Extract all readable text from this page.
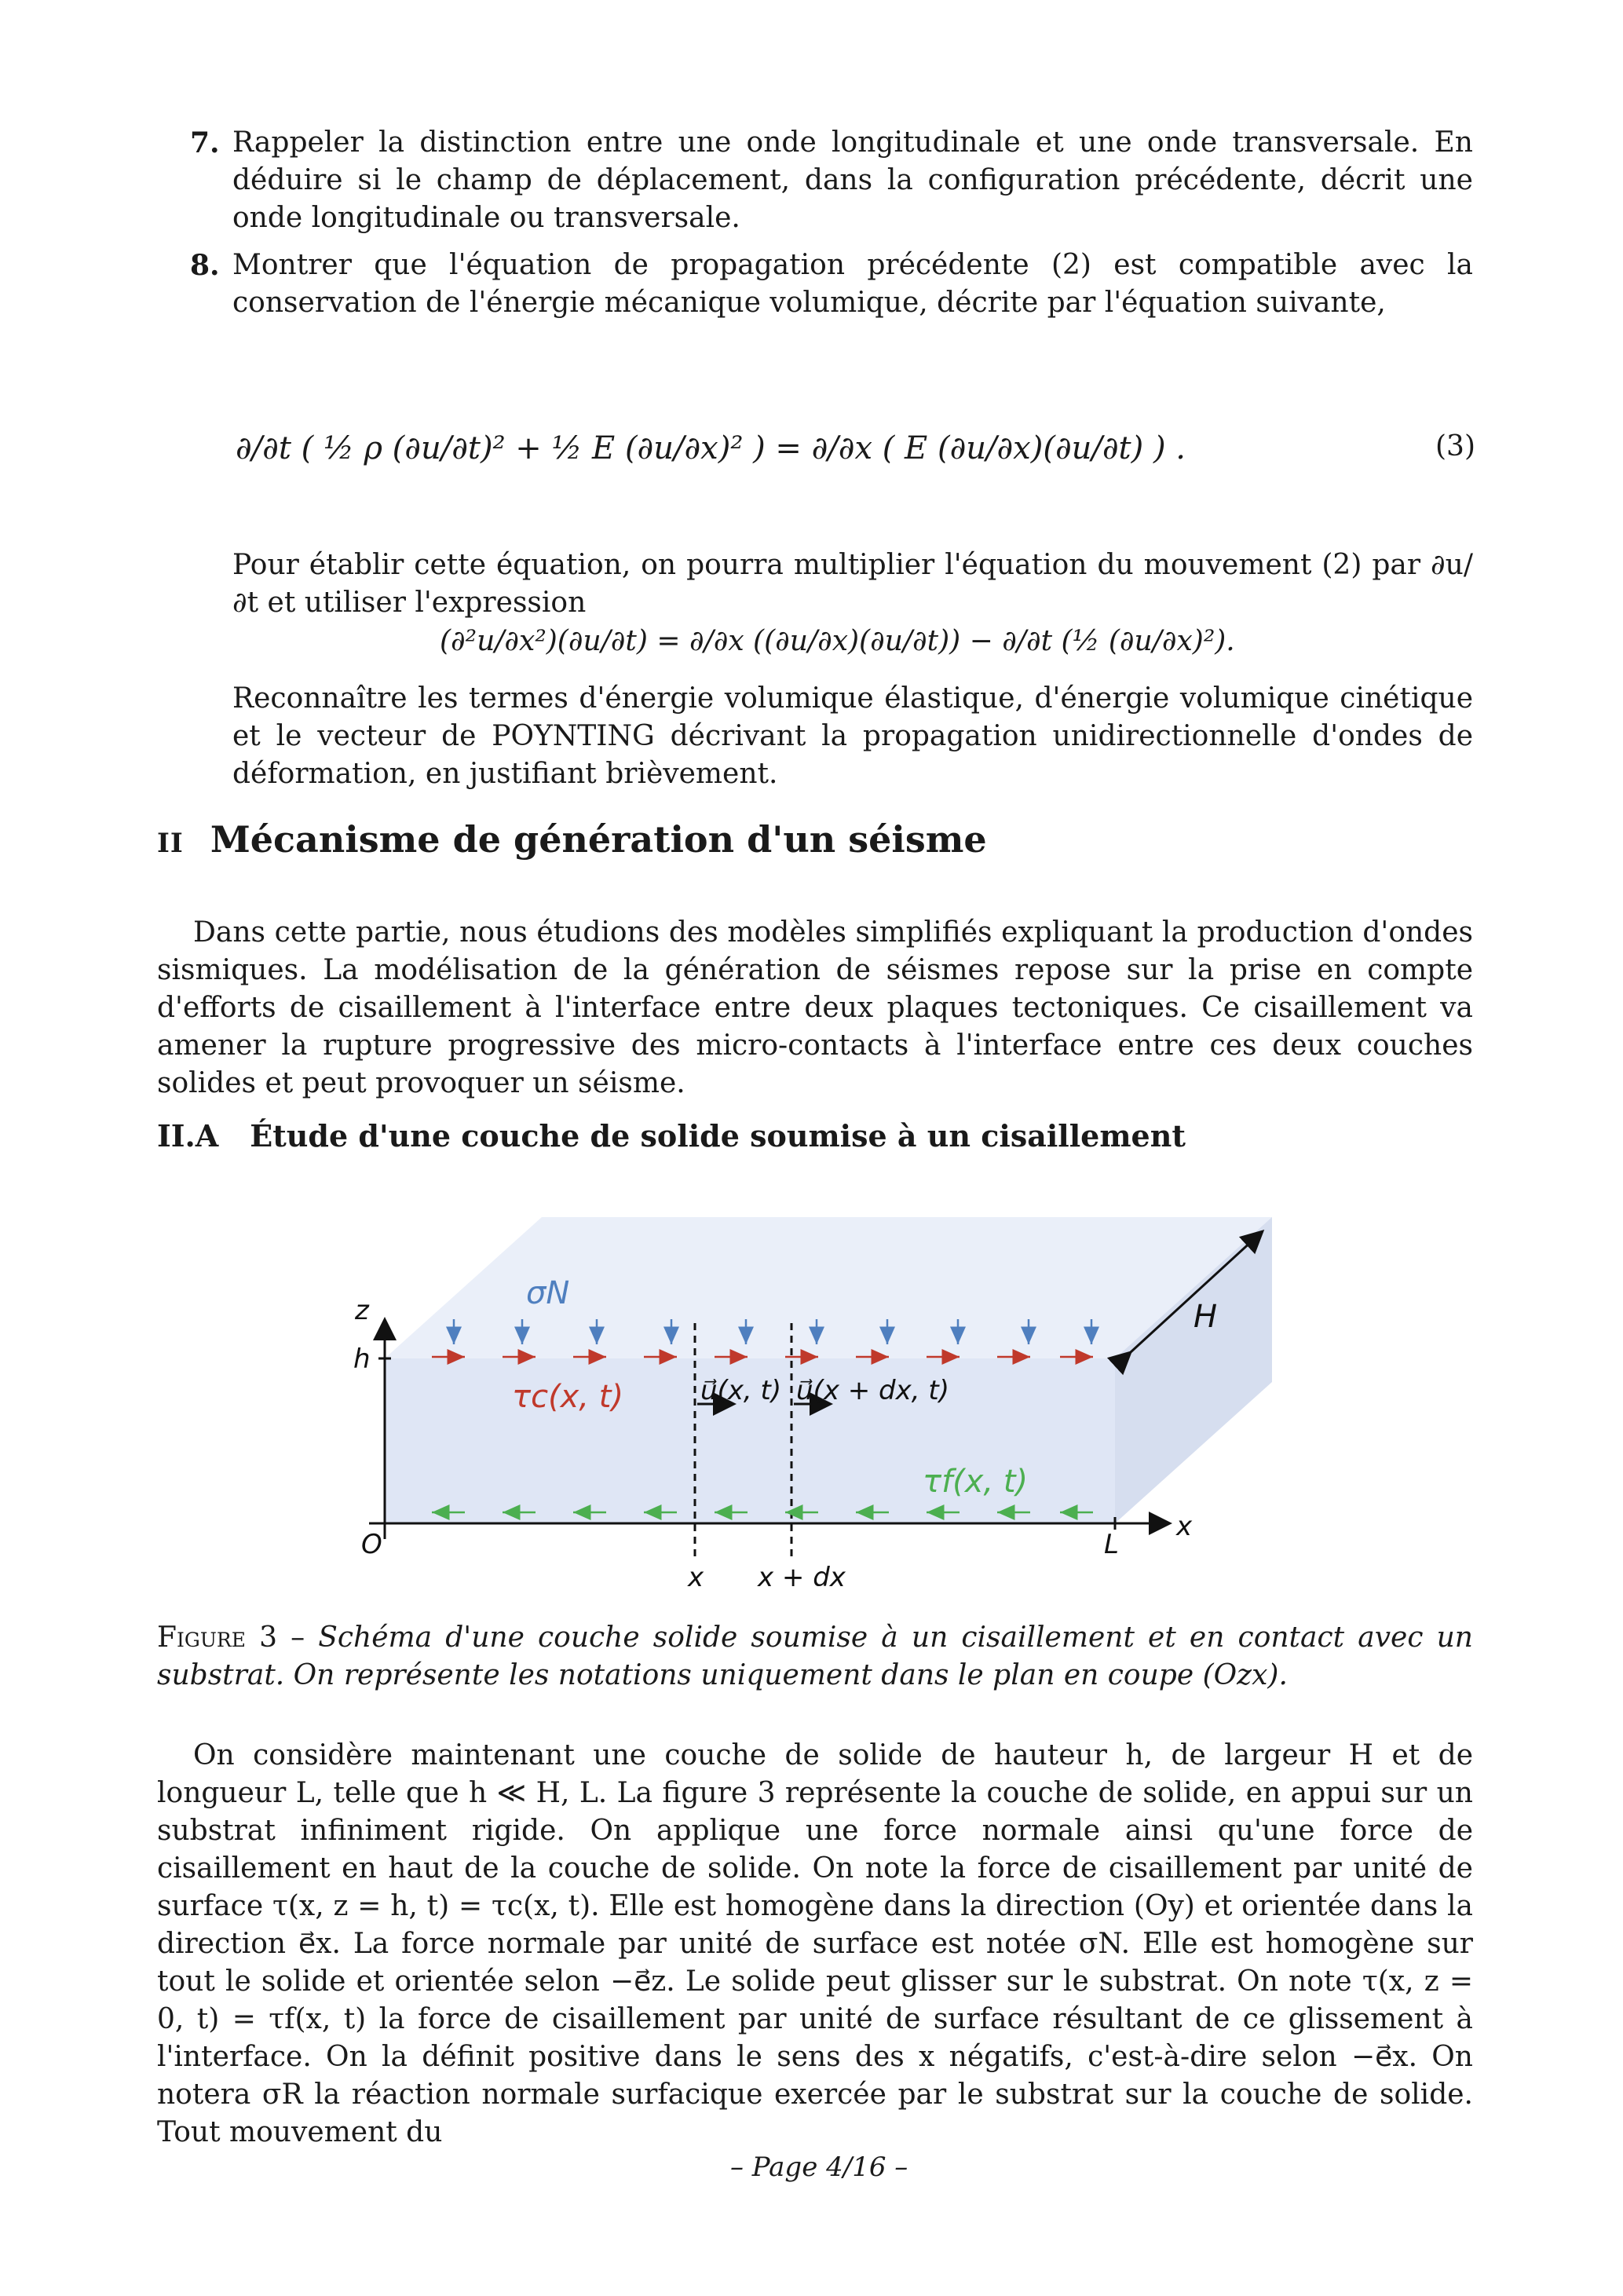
7. Rappeler la distinction entre une onde longitudinale et une onde transversale. En déduire si le champ de déplacement, dans la configuration précédente, décrit une onde longitudinale ou transversale.
8. Montrer que l'équation de propagation précédente (2) est compatible avec la conservation de l'énergie mécanique volumique, décrite par l'équation suivante,
∂/∂t ( ½ ρ (∂u/∂t)² + ½ E (∂u/∂x)² ) = ∂/∂x ( E (∂u/∂x)(∂u/∂t) ) .	(3)
Pour établir cette équation, on pourra multiplier l'équation du mouvement (2) par ∂u/∂t et utiliser l'expression
(∂²u/∂x²)(∂u/∂t) = ∂/∂x ((∂u/∂x)(∂u/∂t)) − ∂/∂t (½ (∂u/∂x)²).
Reconnaître les termes d'énergie volumique élastique, d'énergie volumique cinétique et le vecteur de POYNTING décrivant la propagation unidirectionnelle d'ondes de déformation, en justifiant brièvement.
II Mécanisme de génération d'un séisme
Dans cette partie, nous étudions des modèles simplifiés expliquant la production d'ondes sismiques. La modélisation de la génération de séismes repose sur la prise en compte d'efforts de cisaillement à l'interface entre deux plaques tectoniques. Ce cisaillement va amener la rupture progressive des micro-contacts à l'interface entre ces deux couches solides et peut provoquer un séisme.
II.A Étude d'une couche de solide soumise à un cisaillement
σN
τc(x, t)
τf(x, t)
u⃗(x, t) u⃗(x + dx, t)
z
x
h
O	L
x x + dx
H
Figure 3 – Schéma d'une couche solide soumise à un cisaillement et en contact avec un substrat. On représente les notations uniquement dans le plan en coupe (Ozx).
On considère maintenant une couche de solide de hauteur h, de largeur H et de longueur L, telle que h ≪ H, L. La figure 3 représente la couche de solide, en appui sur un substrat infiniment rigide. On applique une force normale ainsi qu'une force de cisaillement en haut de la couche de solide. On note la force de cisaillement par unité de surface τ(x, z = h, t) = τc(x, t). Elle est homogène dans la direction (Oy) et orientée dans la direction e⃗x. La force normale par unité de surface est notée σN. Elle est homogène sur tout le solide et orientée selon −e⃗z. Le solide peut glisser sur le substrat. On note τ(x, z = 0, t) = τf(x, t) la force de cisaillement par unité de surface résultant de ce glissement à l'interface. On la définit positive dans le sens des x négatifs, c'est-à-dire selon −e⃗x. On notera σR la réaction normale surfacique exercée par le substrat sur la couche de solide. Tout mouvement du
– Page 4/16 –
